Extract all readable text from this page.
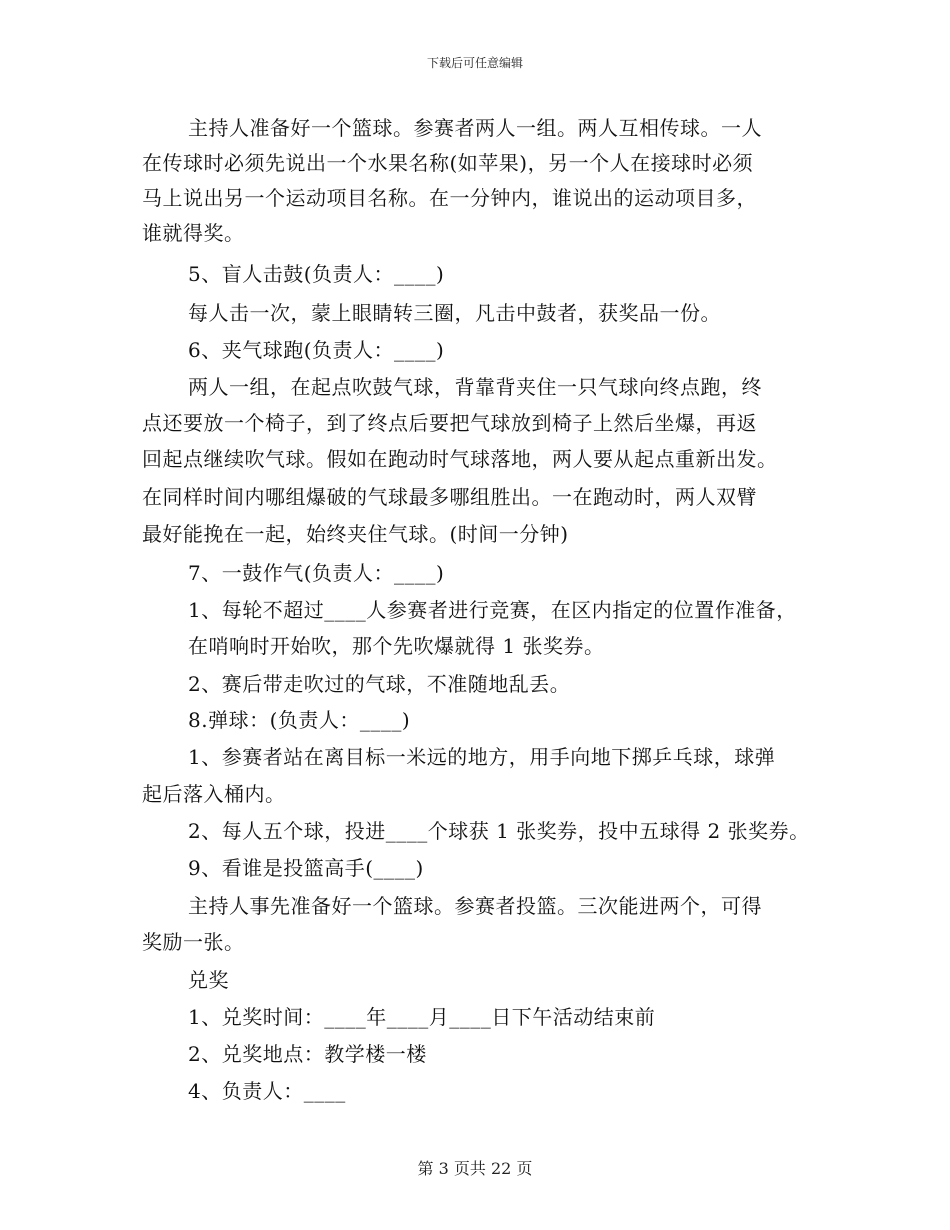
下载后可任意编辑
主持人准备好一个篮球。参赛者两人一组。两人互相传球。一人
在传球时必须先说出一个水果名称(如苹果)，另一个人在接球时必须
马上说出另一个运动项目名称。在一分钟内，谁说出的运动项目多，
谁就得奖。
5、盲人击鼓(负责人：____)
每人击一次，蒙上眼睛转三圈，凡击中鼓者，获奖品一份。
6、夹气球跑(负责人：____)
两人一组，在起点吹鼓气球，背靠背夹住一只气球向终点跑，终
点还要放一个椅子，到了终点后要把气球放到椅子上然后坐爆，再返
回起点继续吹气球。假如在跑动时气球落地，两人要从起点重新出发。
在同样时间内哪组爆破的气球最多哪组胜出。一在跑动时，两人双臂
最好能挽在一起，始终夹住气球。(时间一分钟)
7、一鼓作气(负责人：____)
1、每轮不超过____人参赛者进行竞赛，在区内指定的位置作准备，
在哨响时开始吹，那个先吹爆就得 1 张奖券。
2、赛后带走吹过的气球，不准随地乱丢。
8.弹球：(负责人：____)
1、参赛者站在离目标一米远的地方，用手向地下掷乒乓球，球弹
起后落入桶内。
2、每人五个球，投进____个球获 1 张奖券，投中五球得 2 张奖券。
9、看谁是投篮高手(____)
主持人事先准备好一个篮球。参赛者投篮。三次能进两个，可得
奖励一张。
兑奖
1、兑奖时间：____年____月____日下午活动结束前
2、兑奖地点：教学楼一楼
4、负责人：____
第 3 页共 22 页
